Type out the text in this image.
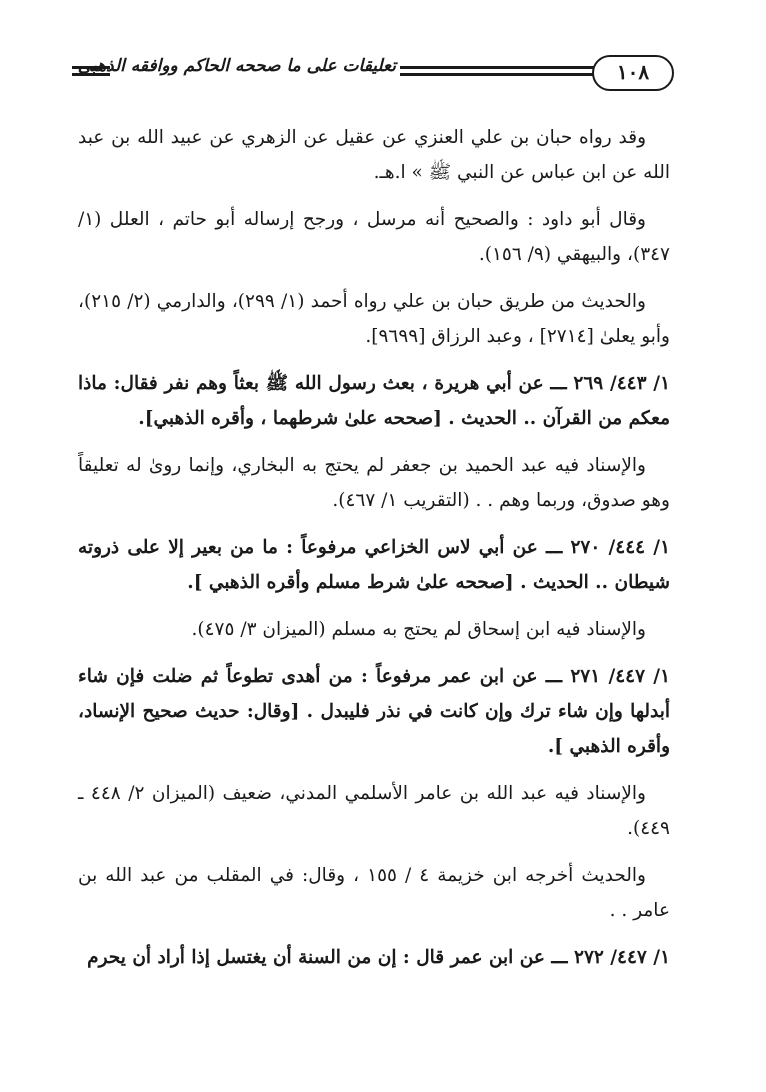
تعليقات على ما صححه الحاكم ووافقه الذهبي	١٠٨

وقد رواه حبان بن علي العنزي عن عقيل عن الزهري عن عبيد الله بن عبد الله عن ابن عباس عن النبي ﷺ » ا.هـ.

وقال أبو داود : والصحيح أنه مرسل ، ورجح إرساله أبو حاتم ، العلل (١/ ٣٤٧)، والبيهقي (٩/ ١٥٦).

والحديث من طريق حبان بن علي رواه أحمد (١/ ٢٩٩)، والدارمي (٢/ ٢١٥)، وأبو يعلىٰ [٢٧١٤] ، وعبد الرزاق [٩٦٩٩].

١/ ٤٤٣/ ٢٦٩ ـــ عن أبي هريرة ، بعث رسول الله ﷺ بعثاً وهم نفر فقال: ماذا معكم من القرآن .. الحديث . [صححه علىٰ شرطهما ، وأقره الذهبي].

والإسناد فيه عبد الحميد بن جعفر لم يحتج به البخاري، وإنما روىٰ له تعليقاً وهو صدوق، وربما وهم . . (التقريب ١/ ٤٦٧).

١/ ٤٤٤/ ٢٧٠ ـــ عن أبي لاس الخزاعي مرفوعاً : ما من بعير إلا على ذروته شيطان .. الحديث . [صححه علىٰ شرط مسلم وأقره الذهبي ].

والإسناد فيه ابن إسحاق لم يحتج به مسلم (الميزان ٣/ ٤٧٥).

١/ ٤٤٧/ ٢٧١ ـــ عن ابن عمر مرفوعاً : من أهدى تطوعاً ثم ضلت فإن شاء أبدلها وإن شاء ترك وإن كانت في نذر فليبدل . [وقال: حديث صحيح الإنساد، وأقره الذهبي ].

والإسناد فيه عبد الله بن عامر الأسلمي المدني، ضعيف (الميزان ٢/ ٤٤٨ ـ ٤٤٩).

والحديث أخرجه ابن خزيمة ٤ / ١٥٥ ، وقال: في المقلب من عبد الله بن عامر . .

١/ ٤٤٧/ ٢٧٢ ـــ عن ابن عمر قال : إن من السنة أن يغتسل إذا أراد أن يحرم
